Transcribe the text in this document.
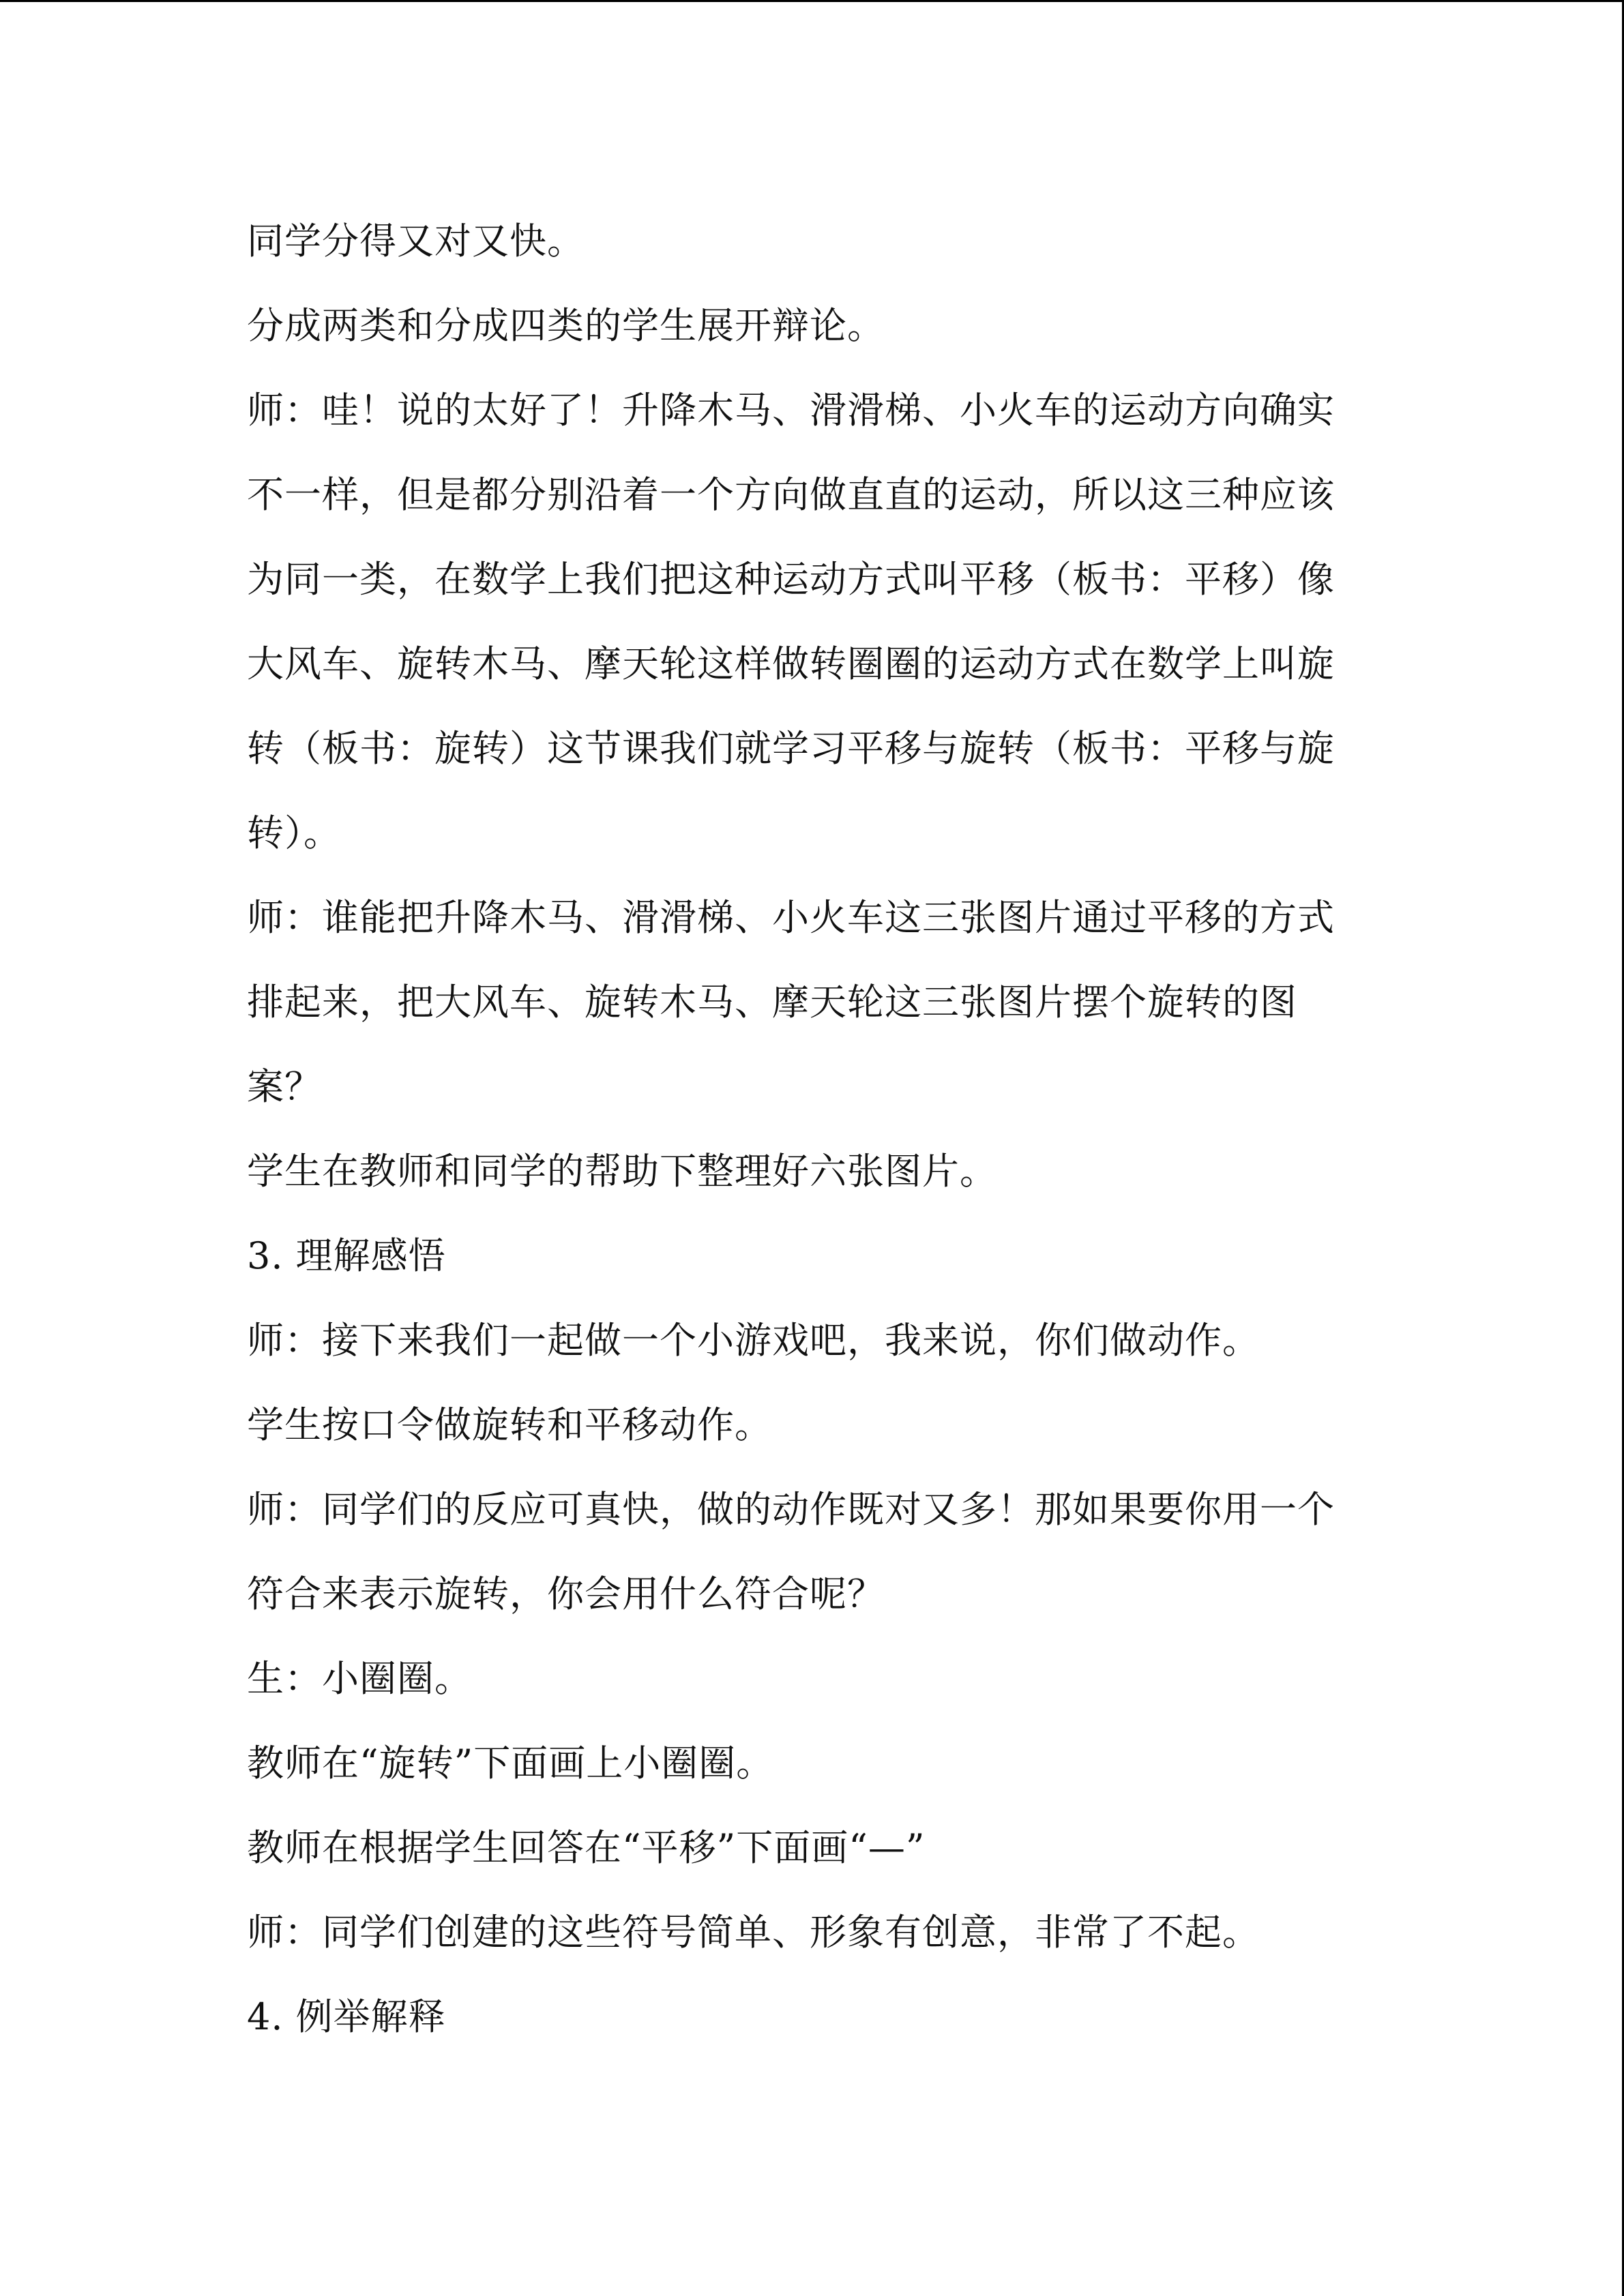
同学分得又对又快。
分成两类和分成四类的学生展开辩论。
师：哇！说的太好了！升降木马、滑滑梯、小火车的运动方向确实
不一样，但是都分别沿着一个方向做直直的运动，所以这三种应该
为同一类，在数学上我们把这种运动方式叫平移（板书：平移）像
大风车、旋转木马、摩天轮这样做转圈圈的运动方式在数学上叫旋
转（板书：旋转）这节课我们就学习平移与旋转（板书：平移与旋
转）。
师：谁能把升降木马、滑滑梯、小火车这三张图片通过平移的方式
排起来，把大风车、旋转木马、摩天轮这三张图片摆个旋转的图
案？
学生在教师和同学的帮助下整理好六张图片。
3. 理解感悟
师：接下来我们一起做一个小游戏吧，我来说，你们做动作。
学生按口令做旋转和平移动作。
师：同学们的反应可真快，做的动作既对又多！那如果要你用一个
符合来表示旋转，你会用什么符合呢？
生：小圈圈。
教师在“旋转”下面画上小圈圈。
教师在根据学生回答在“平移”下面画“—”
师：同学们创建的这些符号简单、形象有创意，非常了不起。
4. 例举解释
